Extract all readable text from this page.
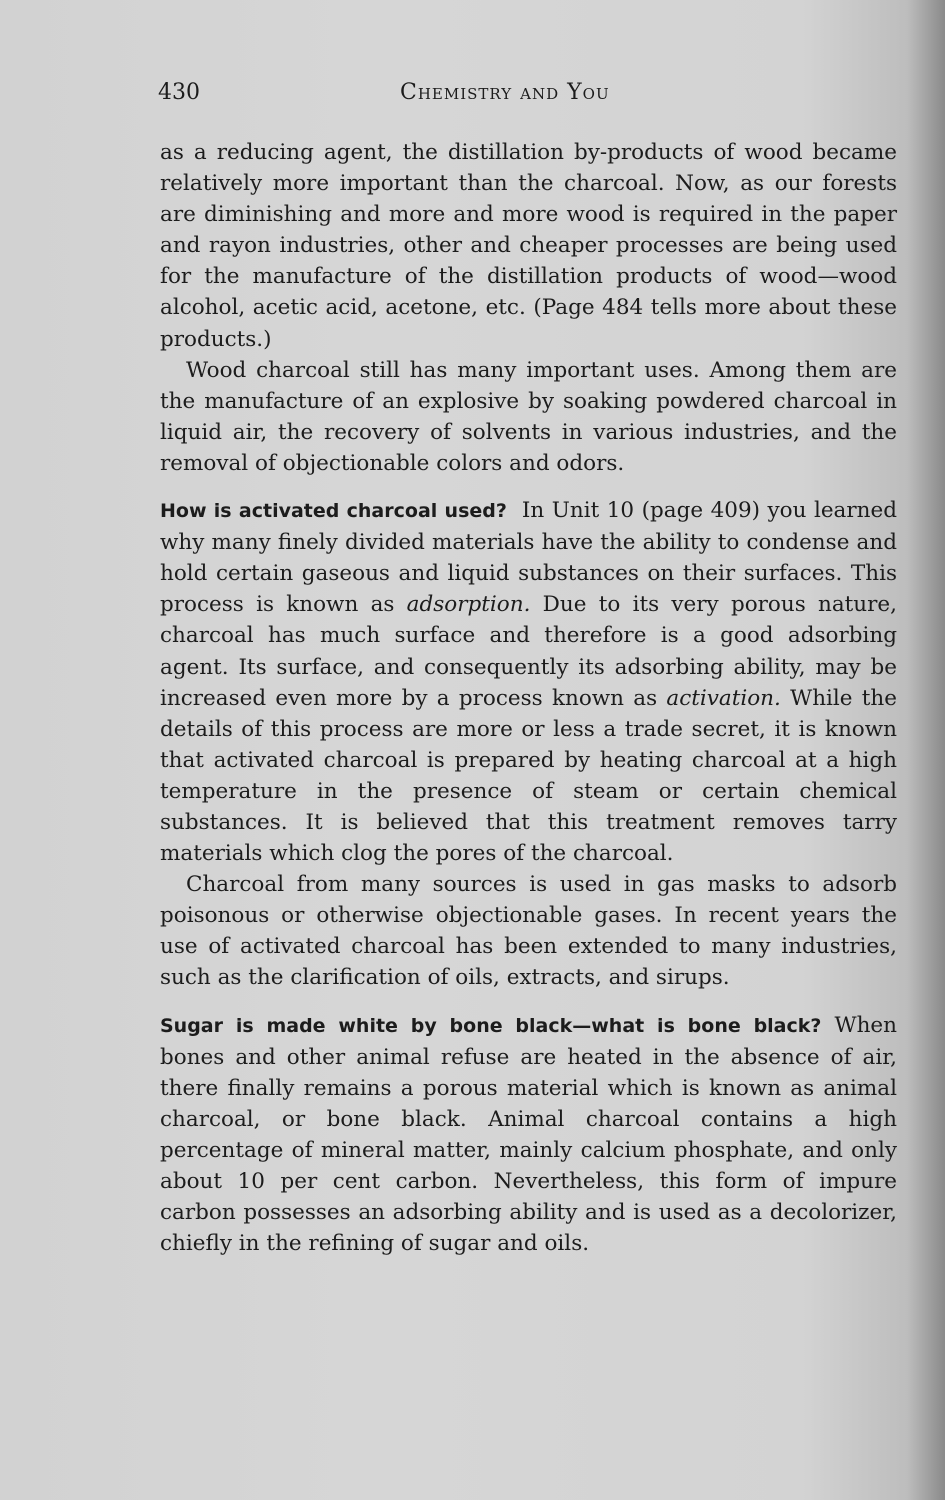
430	Chemistry and You

as a reducing agent, the distillation by-products of wood became relatively more important than the charcoal. Now, as our forests are diminishing and more and more wood is required in the paper and rayon industries, other and cheaper processes are being used for the manufacture of the distillation products of wood—wood alcohol, acetic acid, acetone, etc. (Page 484 tells more about these products.)

Wood charcoal still has many important uses. Among them are the manufacture of an explosive by soaking powdered charcoal in liquid air, the recovery of solvents in various industries, and the removal of objectionable colors and odors.

How is activated charcoal used? In Unit 10 (page 409) you learned why many finely divided materials have the ability to condense and hold certain gaseous and liquid substances on their surfaces. This process is known as adsorption. Due to its very porous nature, charcoal has much surface and therefore is a good adsorbing agent. Its surface, and consequently its adsorbing ability, may be increased even more by a process known as activation. While the details of this process are more or less a trade secret, it is known that activated charcoal is prepared by heating charcoal at a high temperature in the presence of steam or certain chemical substances. It is believed that this treatment removes tarry materials which clog the pores of the charcoal.

Charcoal from many sources is used in gas masks to adsorb poisonous or otherwise objectionable gases. In recent years the use of activated charcoal has been extended to many industries, such as the clarification of oils, extracts, and sirups.

Sugar is made white by bone black—what is bone black? When bones and other animal refuse are heated in the absence of air, there finally remains a porous material which is known as animal charcoal, or bone black. Animal charcoal contains a high percentage of mineral matter, mainly calcium phosphate, and only about 10 per cent carbon. Nevertheless, this form of impure carbon possesses an adsorbing ability and is used as a decolorizer, chiefly in the refining of sugar and oils.
